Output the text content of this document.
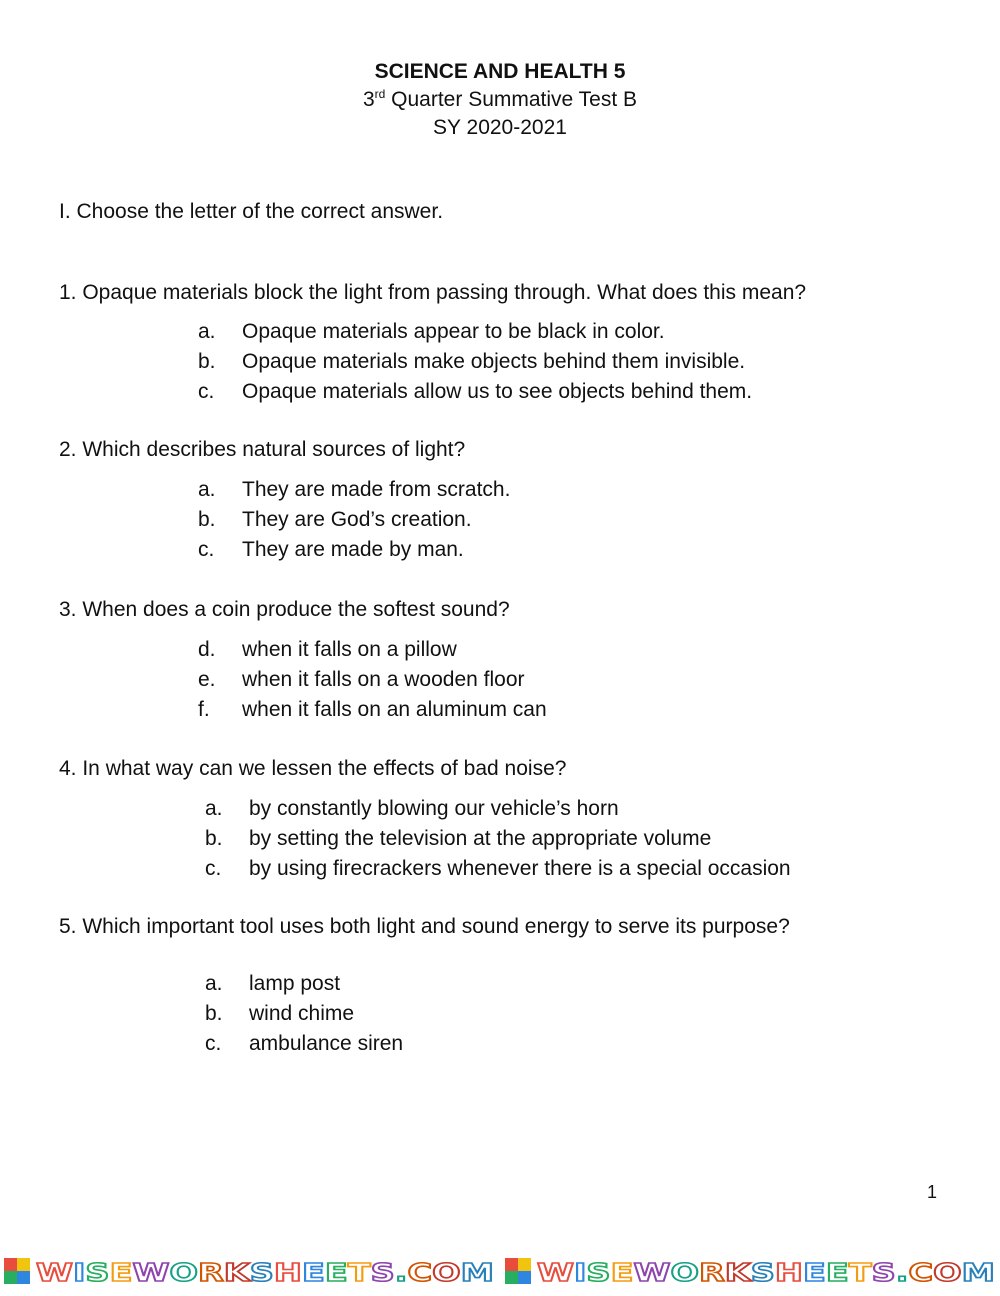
SCIENCE AND HEALTH 5
3rd Quarter Summative Test B
SY 2020-2021
I. Choose the letter of the correct answer.
1. Opaque materials block the light from passing through. What does this mean?
a. Opaque materials appear to be black in color.
b. Opaque materials make objects behind them invisible.
c. Opaque materials allow us to see objects behind them.
2. Which describes natural sources of light?
a. They are made from scratch.
b. They are God’s creation.
c. They are made by man.
3. When does a coin produce the softest sound?
d. when it falls on a pillow
e. when it falls on a wooden floor
f. when it falls on an aluminum can
4. In what way can we lessen the effects of bad noise?
a. by constantly blowing our vehicle’s horn
b. by setting the television at the appropriate volume
c. by using firecrackers whenever there is a special occasion
5. Which important tool uses both light and sound energy to serve its purpose?
a. lamp post
b. wind chime
c. ambulance siren
1
W I S E W O R K S H E E T S . C O M	W I S E W O R K S H E E T S . C O M
